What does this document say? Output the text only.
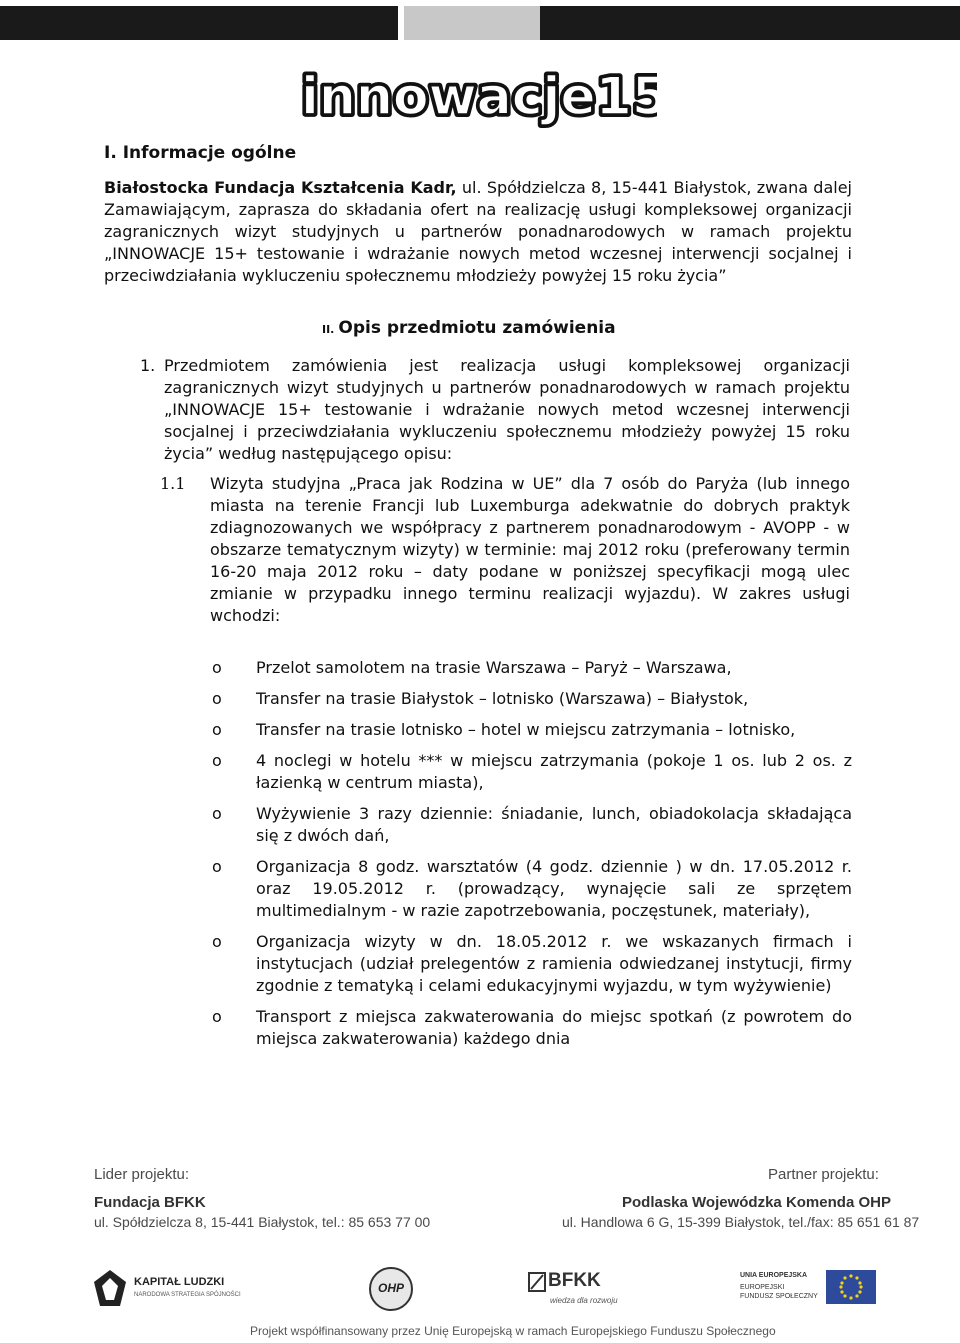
innowacje15
innowacje15
I. Informacje ogólne
Białostocka Fundacja Kształcenia Kadr, ul. Spółdzielcza 8, 15-441 Białystok, zwana dalej Zamawiającym, zaprasza do składania ofert na realizację usługi kompleksowej organizacji zagranicznych wizyt studyjnych u partnerów ponadnarodowych w ramach projektu „INNOWACJE 15+ testowanie i wdrażanie nowych metod wczesnej interwencji socjalnej i przeciwdziałania wykluczeniu społecznemu młodzieży powyżej 15 roku życia”
II. Opis przedmiotu zamówienia
1. Przedmiotem zamówienia jest realizacja usługi kompleksowej organizacji zagranicznych wizyt studyjnych u partnerów ponadnarodowych w ramach projektu „INNOWACJE 15+ testowanie i wdrażanie nowych metod wczesnej interwencji socjalnej i przeciwdziałania wykluczeniu społecznemu młodzieży powyżej 15 roku życia” według następującego opisu:
1.1 Wizyta studyjna „Praca jak Rodzina w UE” dla 7 osób do Paryża (lub innego miasta na terenie Francji lub Luxemburga adekwatnie do dobrych praktyk zdiagnozowanych we współpracy z partnerem ponadnarodowym - AVOPP - w obszarze tematycznym wizyty) w terminie: maj 2012 roku (preferowany termin 16-20 maja 2012 roku – daty podane w poniższej specyfikacji mogą ulec zmianie w przypadku innego terminu realizacji wyjazdu). W zakres usługi wchodzi:
o Przelot samolotem na trasie Warszawa – Paryż – Warszawa,
o Transfer na trasie Białystok – lotnisko (Warszawa) – Białystok,
o Transfer na trasie lotnisko – hotel w miejscu zatrzymania – lotnisko,
o 4 noclegi w hotelu *** w miejscu zatrzymania (pokoje 1 os. lub 2 os. z łazienką w centrum miasta),
o Wyżywienie 3 razy dziennie: śniadanie, lunch, obiadokolacja składająca się z dwóch dań,
o Organizacja 8 godz. warsztatów (4 godz. dziennie ) w dn. 17.05.2012 r. oraz 19.05.2012 r. (prowadzący, wynajęcie sali ze sprzętem multimedialnym - w razie zapotrzebowania, poczęstunek, materiały),
o Organizacja wizyty w dn. 18.05.2012 r. we wskazanych firmach i instytucjach (udział prelegentów z ramienia odwiedzanej instytucji, firmy zgodnie z tematyką i celami edukacyjnymi wyjazdu, w tym wyżywienie)
o Transport z miejsca zakwaterowania do miejsc spotkań (z powrotem do miejsca zakwaterowania) każdego dnia
Lider projektu:
Fundacja BFKK
ul. Spółdzielcza 8, 15-441 Białystok, tel.: 85 653 77 00
Partner projektu:
Podlaska Wojewódzka Komenda OHP
ul. Handlowa 6 G, 15-399 Białystok, tel./fax: 85 651 61 87
KAPITAŁ LUDZKI
NARODOWA STRATEGIA SPÓJNOŚCI	OHP	BFKK
wiedza dla rozwoju
UNIA EUROPEJSKA
EUROPEJSKI
FUNDUSZ SPOŁECZNY
Projekt współfinansowany przez Unię Europejską w ramach Europejskiego Funduszu Społecznego
